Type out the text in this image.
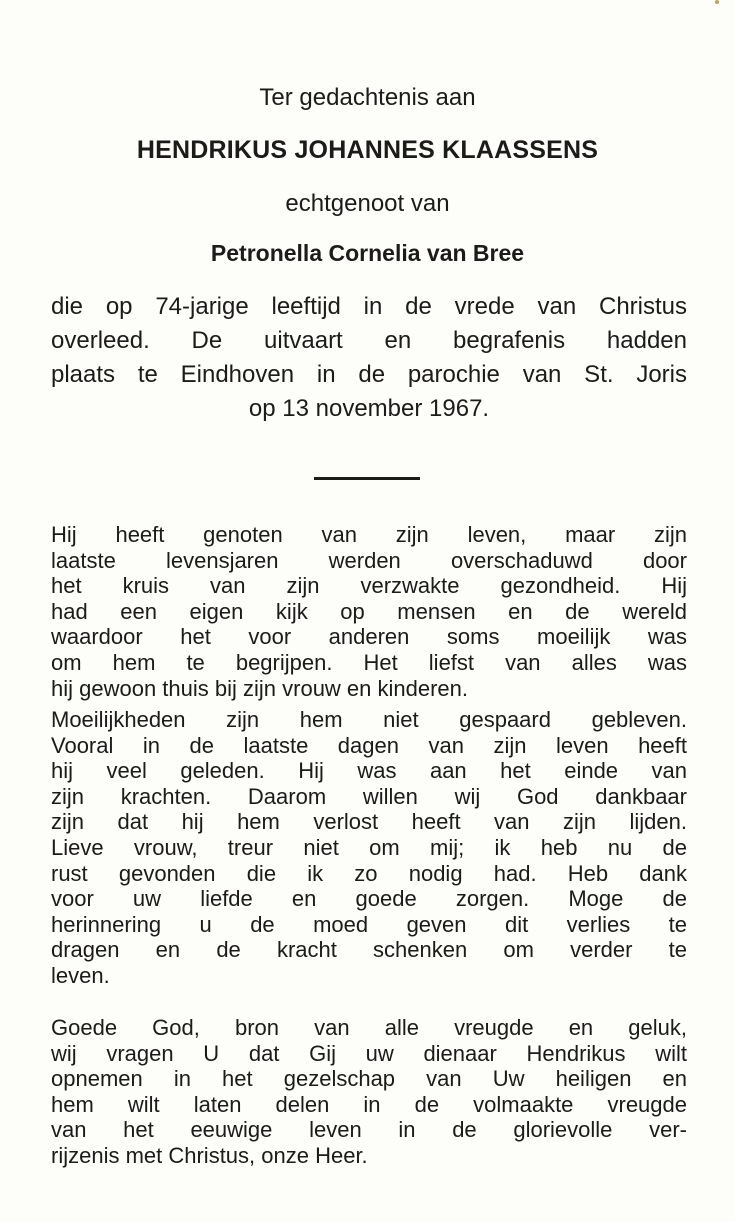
Ter gedachtenis aan
HENDRIKUS JOHANNES KLAASSENS
echtgenoot van
Petronella Cornelia van Bree
die op 74-jarige leeftijd in de vrede van Christus
overleed. De uitvaart en begrafenis hadden
plaats te Eindhoven in de parochie van St. Joris
op 13 november 1967.
Hij heeft genoten van zijn leven, maar zijn
laatste levensjaren werden overschaduwd door
het kruis van zijn verzwakte gezondheid. Hij
had een eigen kijk op mensen en de wereld
waardoor het voor anderen soms moeilijk was
om hem te begrijpen. Het liefst van alles was
hij gewoon thuis bij zijn vrouw en kinderen.
Moeilijkheden zijn hem niet gespaard gebleven.
Vooral in de laatste dagen van zijn leven heeft
hij veel geleden. Hij was aan het einde van
zijn krachten. Daarom willen wij God dankbaar
zijn dat hij hem verlost heeft van zijn lijden.
Lieve vrouw, treur niet om mij; ik heb nu de
rust gevonden die ik zo nodig had. Heb dank
voor uw liefde en goede zorgen. Moge de
herinnering u de moed geven dit verlies te
dragen en de kracht schenken om verder te
leven.
Goede God, bron van alle vreugde en geluk,
wij vragen U dat Gij uw dienaar Hendrikus wilt
opnemen in het gezelschap van Uw heiligen en
hem wilt laten delen in de volmaakte vreugde
van het eeuwige leven in de glorievolle ver-
rijzenis met Christus, onze Heer.
